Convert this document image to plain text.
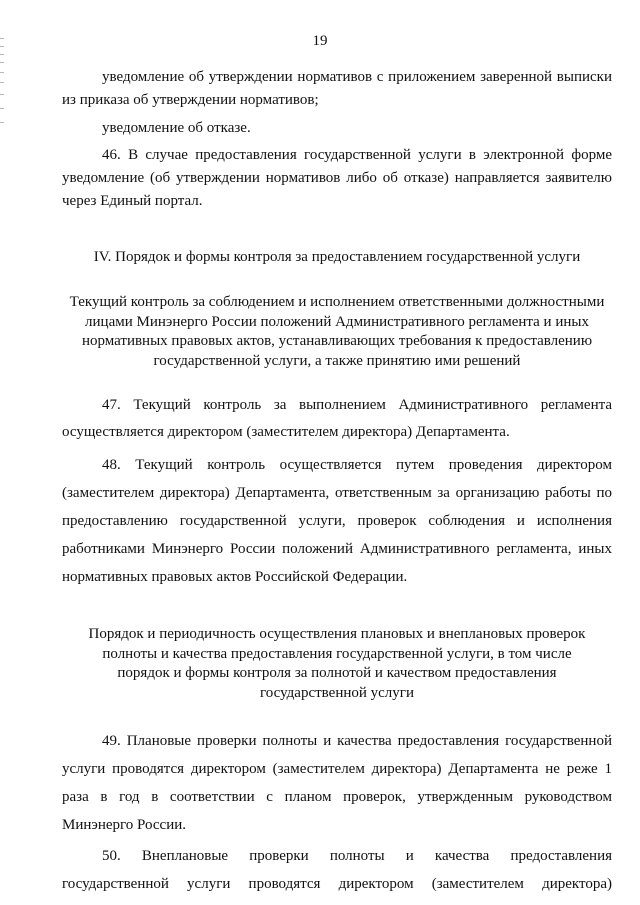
19

уведомление об утверждении нормативов с приложением заверенной выписки из приказа об утверждении нормативов;

уведомление об отказе.

46. В случае предоставления государственной услуги в электронной форме уведомление (об утверждении нормативов либо об отказе) направляется заявителю через Единый портал.

IV. Порядок и формы контроля за предоставлением государственной услуги

Текущий контроль за соблюдением и исполнением ответственными должностными

лицами Минэнерго России положений Административного регламента и иных

нормативных правовых актов, устанавливающих требования к предоставлению

государственной услуги, а также принятию ими решений

47. Текущий контроль за выполнением Административного регламента осуществляется директором (заместителем директора) Департамента.

48. Текущий контроль осуществляется путем проведения директором (заместителем директора) Департамента, ответственным за организацию работы по предоставлению государственной услуги, проверок соблюдения и исполнения работниками Минэнерго России положений Административного регламента, иных нормативных правовых актов Российской Федерации.

Порядок и периодичность осуществления плановых и внеплановых проверок

полноты и качества предоставления государственной услуги, в том числе

порядок и формы контроля за полнотой и качеством предоставления

государственной услуги

49. Плановые проверки полноты и качества предоставления государственной услуги проводятся директором (заместителем директора) Департамента не реже 1 раза в год в соответствии с планом проверок, утвержденным руководством Минэнерго России.

50. Внеплановые проверки полноты и качества предоставления государственной услуги проводятся директором (заместителем директора)
